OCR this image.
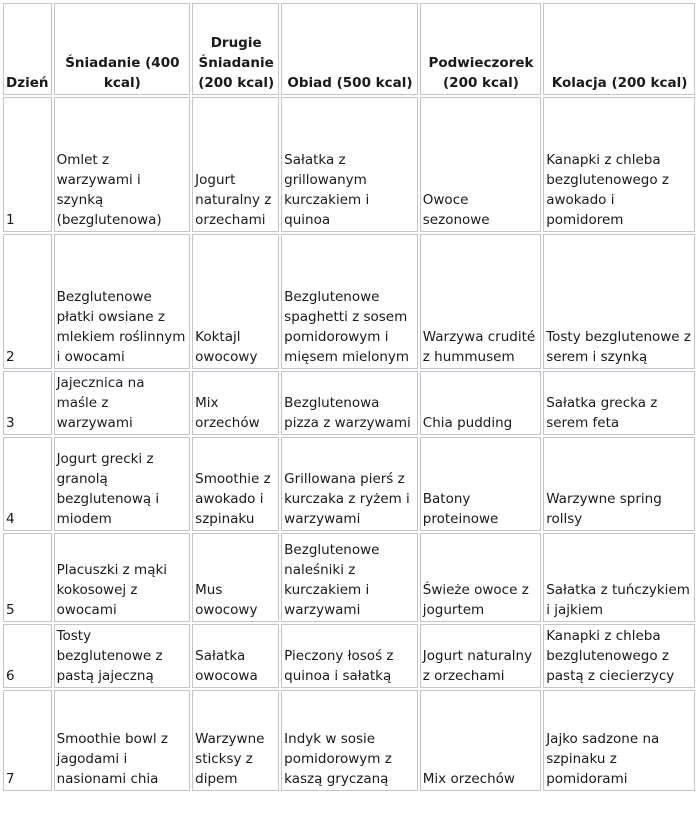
Dzień	Śniadanie (400 kcal)	Drugie Śniadanie (200 kcal)	Obiad (500 kcal)	Podwieczorek (200 kcal)	Kolacja (200 kcal)
1	Omlet z warzywami i szynką (bezglutenowa)	Jogurt naturalny z orzechami	Sałatka z grillowanym kurczakiem i quinoa	Owoce sezonowe	Kanapki z chleba bezglutenowego z awokado i pomidorem
2	Bezglutenowe płatki owsiane z mlekiem roślinnym i owocami	Koktajl owocowy	Bezglutenowe spaghetti z sosem pomidorowym i mięsem mielonym	Warzywa crudité z hummusem	Tosty bezglutenowe z serem i szynką
3	Jajecznica na maśle z warzywami	Mix orzechów	Bezglutenowa pizza z warzywami	Chia pudding	Sałatka grecka z serem feta
4	Jogurt grecki z granolą bezglutenową i miodem	Smoothie z awokado i szpinaku	Grillowana pierś z kurczaka z ryżem i warzywami	Batony proteinowe	Warzywne spring rollsy
5	Placuszki z mąki kokosowej z owocami	Mus owocowy	Bezglutenowe naleśniki z kurczakiem i warzywami	Świeże owoce z jogurtem	Sałatka z tuńczykiem i jajkiem
6	Tosty bezglutenowe z pastą jajeczną	Sałatka owocowa	Pieczony łosoś z quinoa i sałatką	Jogurt naturalny z orzechami	Kanapki z chleba bezglutenowego z pastą z ciecierzycy
7	Smoothie bowl z jagodami i nasionami chia	Warzywne sticksy z dipem	Indyk w sosie pomidorowym z kaszą gryczaną	Mix orzechów	Jajko sadzone na szpinaku z pomidorami
